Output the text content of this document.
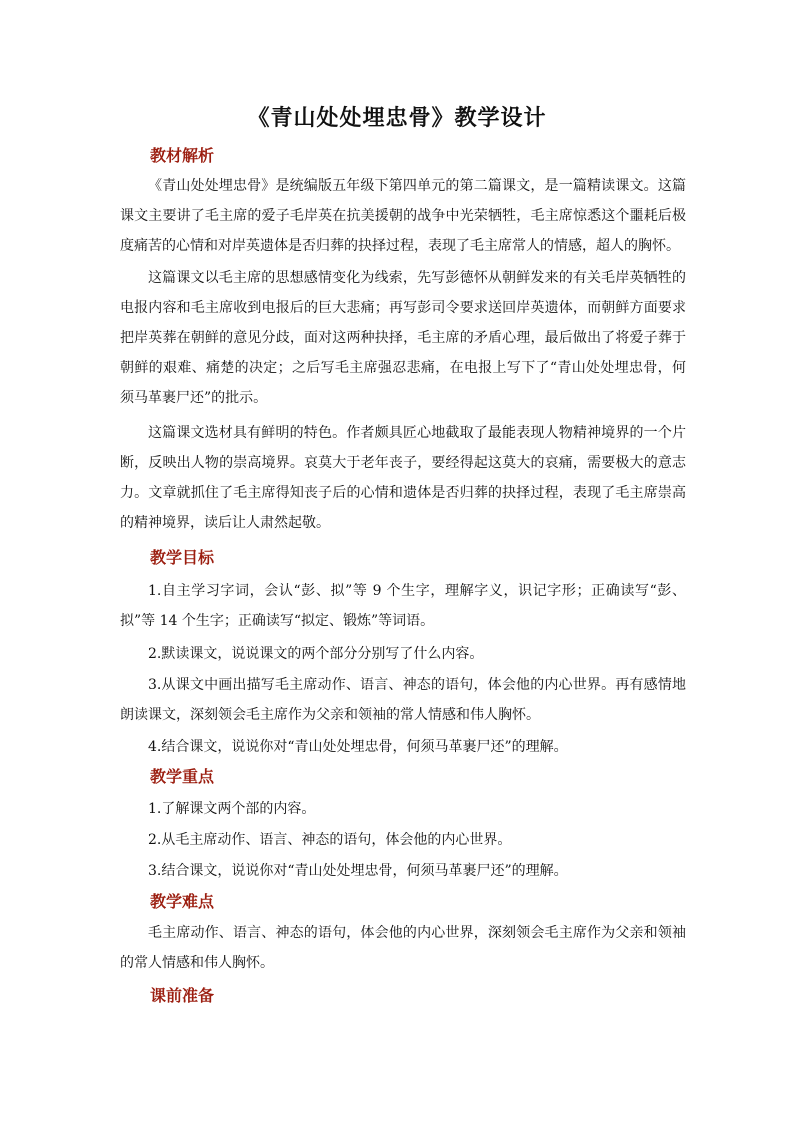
《青山处处埋忠骨》教学设计
教材解析

《青山处处埋忠骨》是统编版五年级下第四单元的第二篇课文，是一篇精读课文。这篇课文主要讲了毛主席的爱子毛岸英在抗美援朝的战争中光荣牺牲，毛主席惊悉这个噩耗后极度痛苦的心情和对岸英遗体是否归葬的抉择过程，表现了毛主席常人的情感，超人的胸怀。

这篇课文以毛主席的思想感情变化为线索，先写彭德怀从朝鲜发来的有关毛岸英牺牲的电报内容和毛主席收到电报后的巨大悲痛；再写彭司令要求送回岸英遗体，而朝鲜方面要求把岸英葬在朝鲜的意见分歧，面对这两种抉择，毛主席的矛盾心理，最后做出了将爱子葬于朝鲜的艰难、痛楚的决定；之后写毛主席强忍悲痛，在电报上写下了“青山处处埋忠骨，何须马革裹尸还”的批示。

这篇课文选材具有鲜明的特色。作者颇具匠心地截取了最能表现人物精神境界的一个片断，反映出人物的崇高境界。哀莫大于老年丧子，要经得起这莫大的哀痛，需要极大的意志力。文章就抓住了毛主席得知丧子后的心情和遗体是否归葬的抉择过程，表现了毛主席崇高的精神境界，读后让人肃然起敬。

教学目标

1.自主学习字词，会认“彭、拟”等 9 个生字，理解字义，识记字形；正确读写“彭、拟”等 14 个生字；正确读写“拟定、锻炼”等词语。

2.默读课文，说说课文的两个部分分别写了什么内容。

3.从课文中画出描写毛主席动作、语言、神态的语句，体会他的内心世界。再有感情地朗读课文，深刻领会毛主席作为父亲和领袖的常人情感和伟人胸怀。

4.结合课文，说说你对“青山处处埋忠骨，何须马革裹尸还”的理解。

教学重点

1.了解课文两个部的内容。

2.从毛主席动作、语言、神态的语句，体会他的内心世界。

3.结合课文，说说你对“青山处处埋忠骨，何须马革裹尸还”的理解。

教学难点

毛主席动作、语言、神态的语句，体会他的内心世界，深刻领会毛主席作为父亲和领袖的常人情感和伟人胸怀。

课前准备
